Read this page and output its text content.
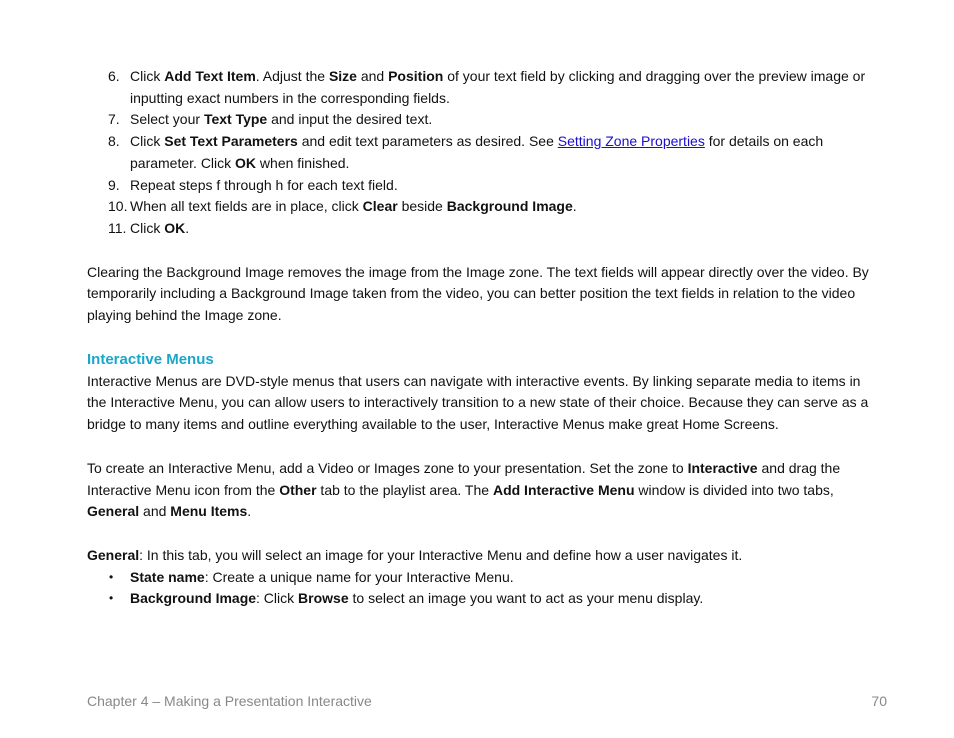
6. Click Add Text Item. Adjust the Size and Position of your text field by clicking and dragging over the preview image or inputting exact numbers in the corresponding fields.
7. Select your Text Type and input the desired text.
8. Click Set Text Parameters and edit text parameters as desired. See Setting Zone Properties for details on each parameter. Click OK when finished.
9. Repeat steps f through h for each text field.
10. When all text fields are in place, click Clear beside Background Image.
11. Click OK.

Clearing the Background Image removes the image from the Image zone. The text fields will appear directly over the video. By temporarily including a Background Image taken from the video, you can better position the text fields in relation to the video playing behind the Image zone.

Interactive Menus

Interactive Menus are DVD-style menus that users can navigate with interactive events. By linking separate media to items in the Interactive Menu, you can allow users to interactively transition to a new state of their choice. Because they can serve as a bridge to many items and outline everything available to the user, Interactive Menus make great Home Screens.

To create an Interactive Menu, add a Video or Images zone to your presentation. Set the zone to Interactive and drag the Interactive Menu icon from the Other tab to the playlist area. The Add Interactive Menu window is divided into two tabs, General and Menu Items.

General: In this tab, you will select an image for your Interactive Menu and define how a user navigates it.

• State name: Create a unique name for your Interactive Menu.
• Background Image: Click Browse to select an image you want to act as your menu display.
Chapter 4 – Making a Presentation Interactive	70
